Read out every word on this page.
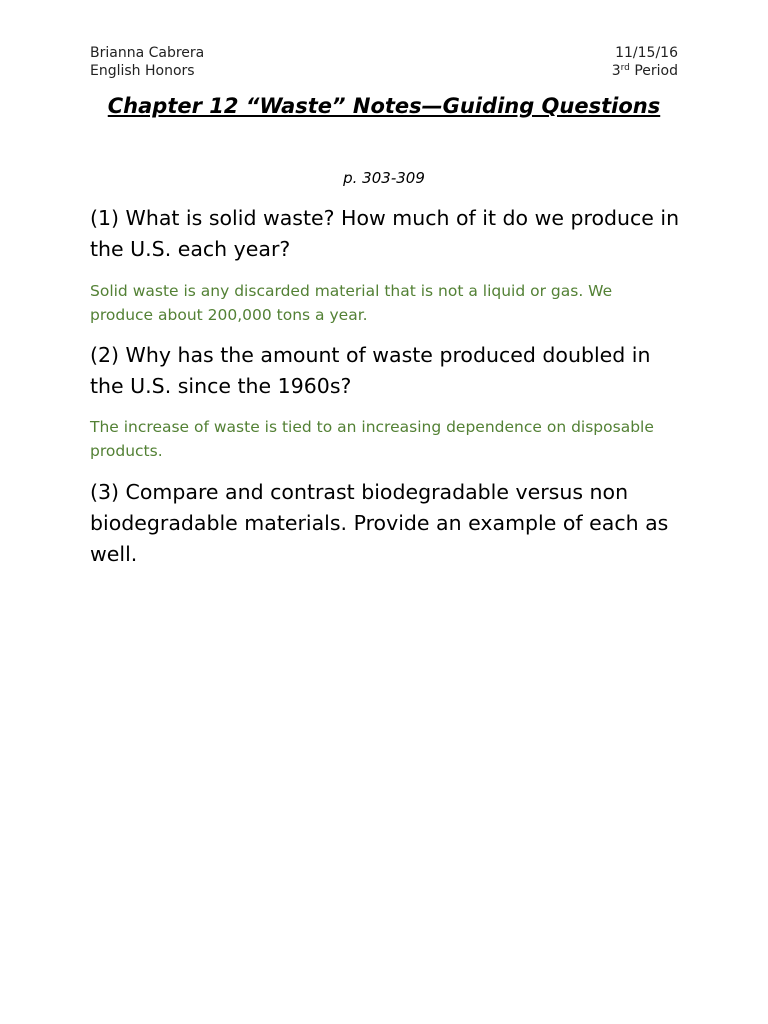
Brianna Cabrera
English Honors
11/15/16
3rd Period
Chapter 12 “Waste” Notes—Guiding Questions
p. 303-309

(1) What is solid waste? How much of it do we produce in the U.S. each year?

Solid waste is any discarded material that is not a liquid or gas. We produce about 200,000 tons a year.

(2) Why has the amount of waste produced doubled in the U.S. since the 1960s?

The increase of waste is tied to an increasing dependence on disposable products.

(3) Compare and contrast biodegradable versus non biodegradable materials. Provide an example of each as well.
